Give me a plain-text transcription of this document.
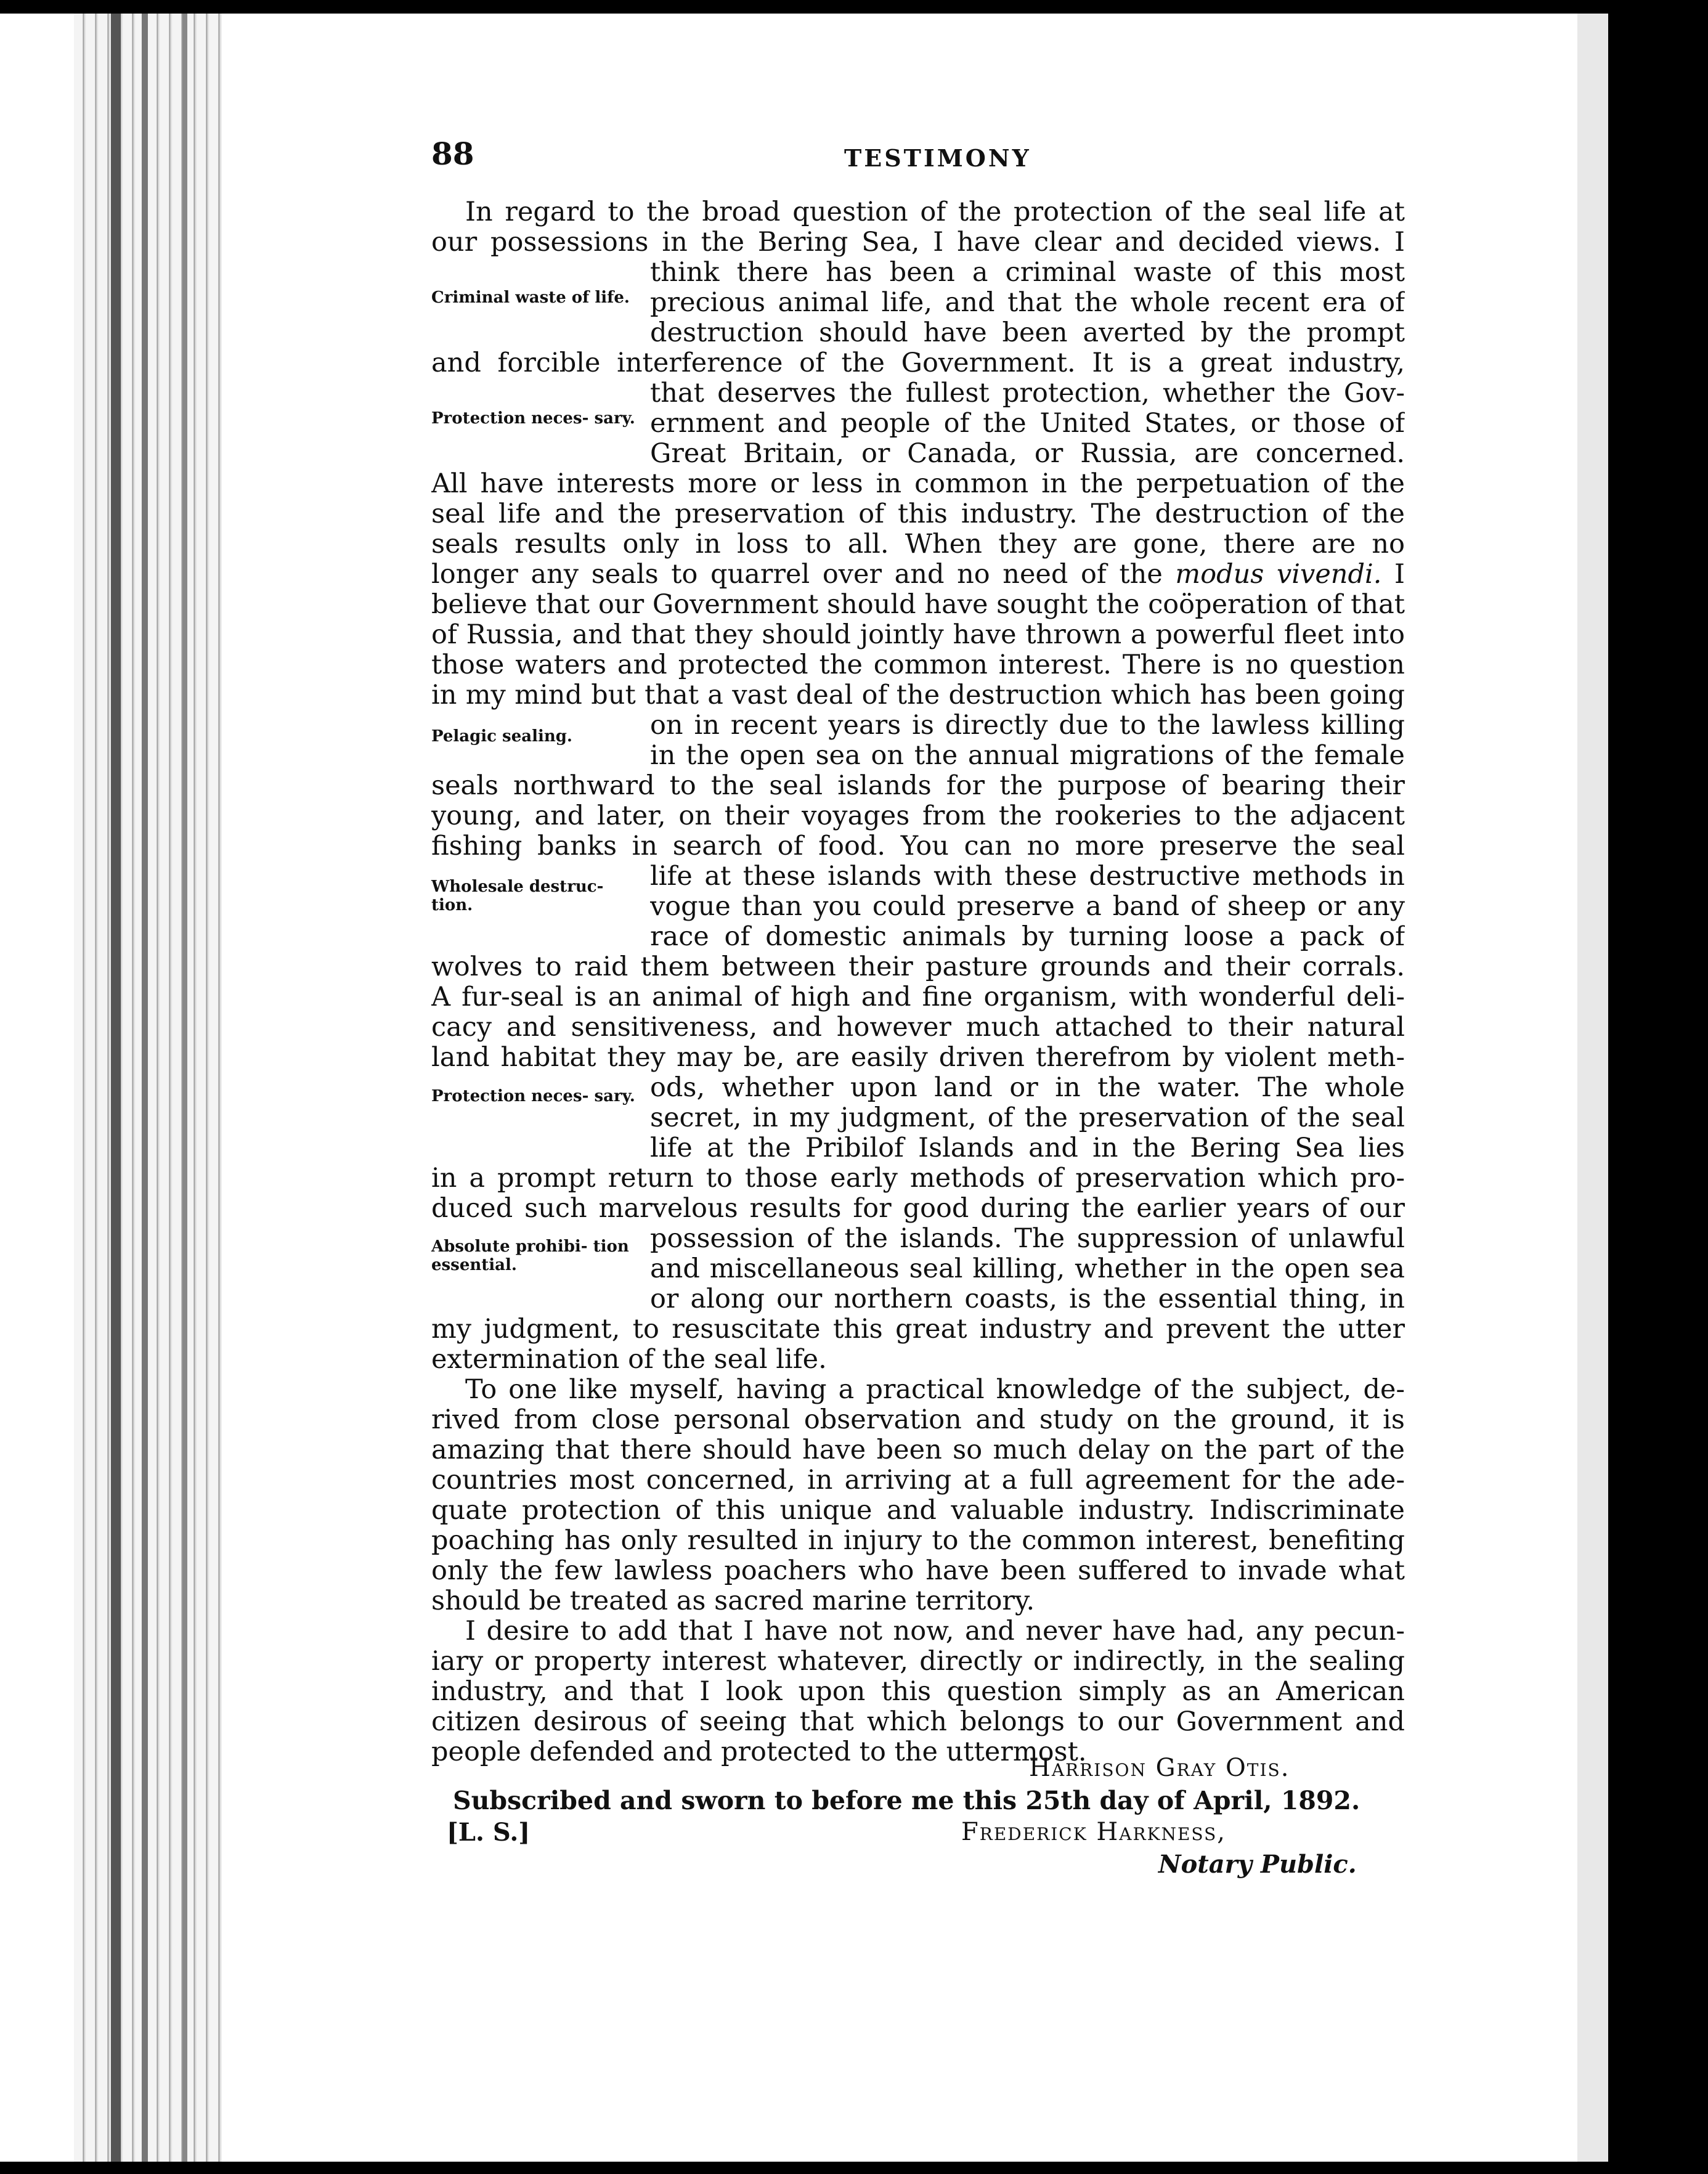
88	TESTIMONY
Criminal waste of life.
Protection neces- sary.
Pelagic sealing.
Wholesale destruc- tion.
Protection neces- sary.
Absolute prohibi- tion essential.
In regard to the broad question of the protection of the seal life at
our possessions in the Bering Sea, I have clear and decided views. I
think there has been a criminal waste of this most
precious animal life, and that the whole recent era of
destruction should have been averted by the prompt
and forcible interference of the Government. It is a great industry,
that deserves the fullest protection, whether the Gov-
ernment and people of the United States, or those of
Great Britain, or Canada, or Russia, are concerned.
All have interests more or less in common in the perpetuation of the
seal life and the preservation of this industry. The destruction of the
seals results only in loss to all. When they are gone, there are no
longer any seals to quarrel over and no need of the modus vivendi. I
believe that our Government should have sought the coöperation of that
of Russia, and that they should jointly have thrown a powerful fleet into
those waters and protected the common interest. There is no question
in my mind but that a vast deal of the destruction which has been going
on in recent years is directly due to the lawless killing
in the open sea on the annual migrations of the female
seals northward to the seal islands for the purpose of bearing their
young, and later, on their voyages from the rookeries to the adjacent
fishing banks in search of food. You can no more preserve the seal
life at these islands with these destructive methods in
vogue than you could preserve a band of sheep or any
race of domestic animals by turning loose a pack of
wolves to raid them between their pasture grounds and their corrals.
A fur-seal is an animal of high and fine organism, with wonderful deli-
cacy and sensitiveness, and however much attached to their natural
land habitat they may be, are easily driven therefrom by violent meth-
ods, whether upon land or in the water. The whole
secret, in my judgment, of the preservation of the seal
life at the Pribilof Islands and in the Bering Sea lies
in a prompt return to those early methods of preservation which pro-
duced such marvelous results for good during the earlier years of our
possession of the islands. The suppression of unlawful
and miscellaneous seal killing, whether in the open sea
or along our northern coasts, is the essential thing, in
my judgment, to resuscitate this great industry and prevent the utter
extermination of the seal life.
To one like myself, having a practical knowledge of the subject, de-
rived from close personal observation and study on the ground, it is
amazing that there should have been so much delay on the part of the
countries most concerned, in arriving at a full agreement for the ade-
quate protection of this unique and valuable industry. Indiscriminate
poaching has only resulted in injury to the common interest, benefiting
only the few lawless poachers who have been suffered to invade what
should be treated as sacred marine territory.
I desire to add that I have not now, and never have had, any pecun-
iary or property interest whatever, directly or indirectly, in the sealing
industry, and that I look upon this question simply as an American
citizen desirous of seeing that which belongs to our Government and
people defended and protected to the uttermost.
Harrison Gray Otis.
Subscribed and sworn to before me this 25th day of April, 1892.
[L. S.]	Frederick Harkness,
Notary Public.
